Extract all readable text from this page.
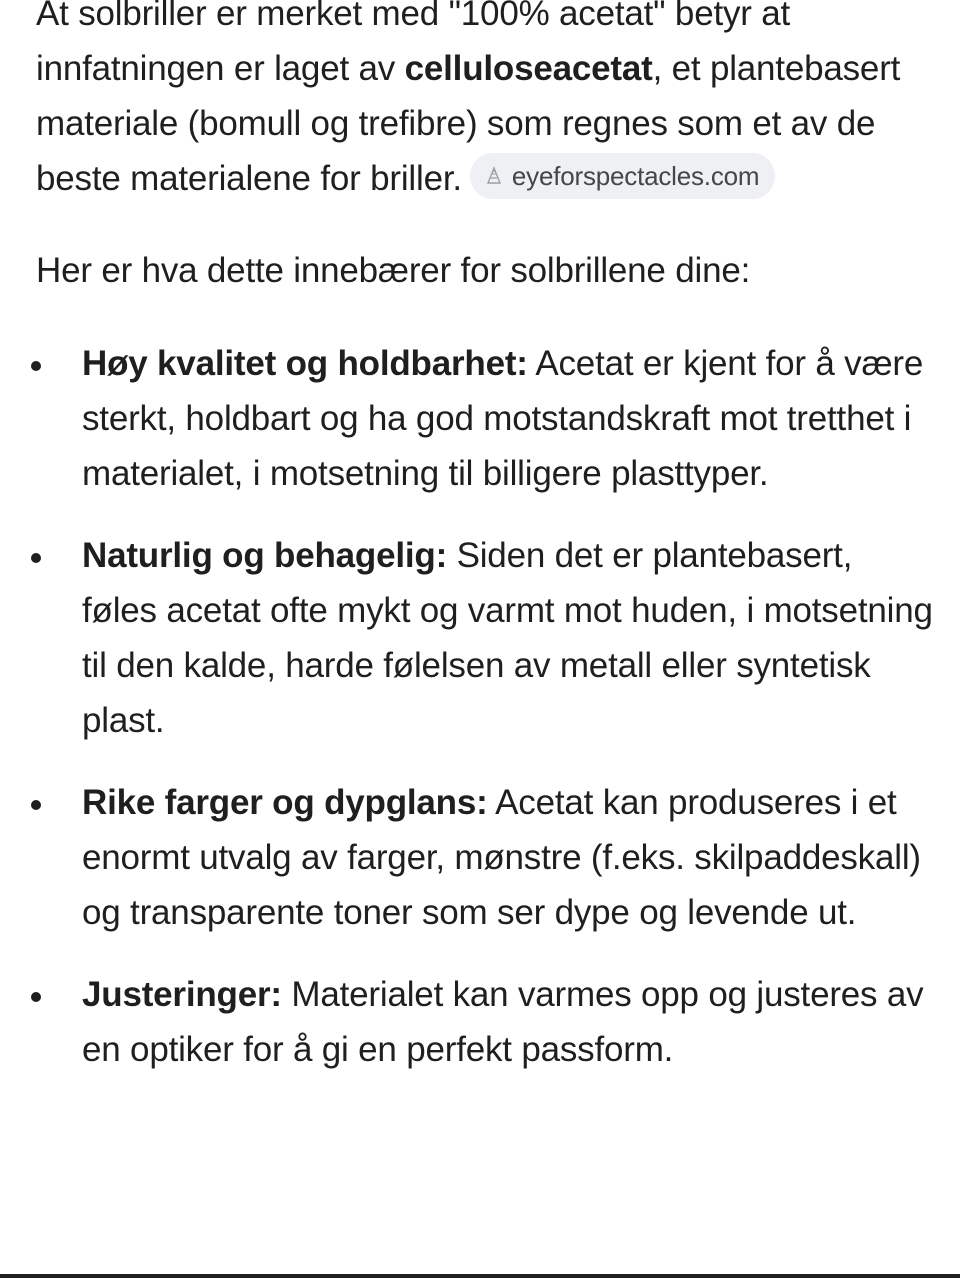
At solbriller er merket med "100% acetat" betyr at innfatningen er laget av celluloseacetat, et plantebasert materiale (bomull og trefibre) som regnes som et av de beste materialene for briller. eyeforspectacles.com

Her er hva dette innebærer for solbrillene dine:

Høy kvalitet og holdbarhet: Acetat er kjent for å være sterkt, holdbart og ha god motstandskraft mot tretthet i materialet, i motsetning til billigere plasttyper.
Naturlig og behagelig: Siden det er plantebasert, føles acetat ofte mykt og varmt mot huden, i motsetning til den kalde, harde følelsen av metall eller syntetisk plast.
Rike farger og dypglans: Acetat kan produseres i et enormt utvalg av farger, mønstre (f.eks. skilpaddeskall) og transparente toner som ser dype og levende ut.
Justeringer: Materialet kan varmes opp og justeres av en optiker for å gi en perfekt passform.
